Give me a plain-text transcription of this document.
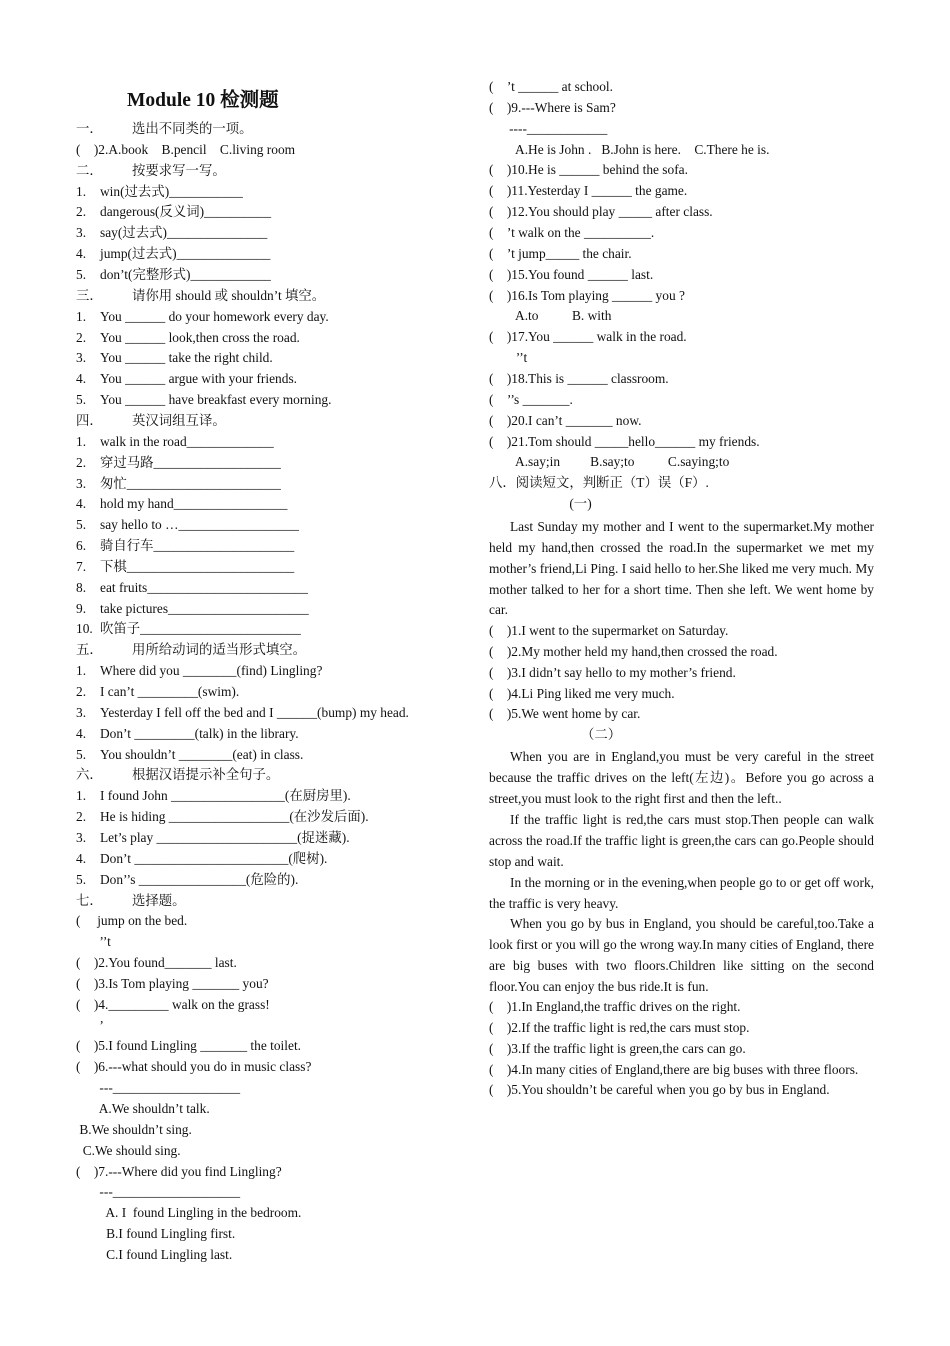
Module 10 检测题
一． 选出不同类的一项。
(    )2.A.book    B.pencil    C.living room
二． 按要求写一写。
1. win(过去式)___________
2. dangerous(反义词)__________
3. say(过去式)_______________
4. jump(过去式)______________
5. don’t(完整形式)____________
三． 请你用 should 或 shouldn’t 填空。
1. You ______ do your homework every day.
2. You ______ look,then cross the road.
3. You ______ take the right child.
4. You ______ argue with your friends.
5. You ______ have breakfast every morning.
四． 英汉词组互译。
1. walk in the road_____________
2. 穿过马路___________________
3. 匆忙_______________________
4. hold my hand_________________
5. say hello to …__________________
6. 骑自行车_____________________
7. 下棋_________________________
8. eat fruits________________________
9. take pictures_____________________
10. 吹笛子________________________
五． 用所给动词的适当形式填空。
1. Where did you ________(find) Lingling?
2. I can’t _________(swim).
3. Yesterday I fell off the bed and I ______(bump) my head.
4. Don’t _________(talk) in the library.
5. You shouldn’t ________(eat) in class.
六． 根据汉语提示补全句子。
1. I found John _________________(在厨房里).
2. He is hiding __________________(在沙发后面).
3. Let’s play _____________________(捉迷藏).
4. Don’t _______________________(爬树).
5. Don’’s ________________(危险的).
七． 选择题。
(     jump on the bed.
’’t
(    )2.You found_______ last.
(    )3.Is Tom playing _______ you?
(    )4._________ walk on the grass!
’
(    )5.I found Lingling _______ the toilet.
(    )6.---what should you do in music class?
---___________________
A.We shouldn’t talk.
B.We shouldn’t sing.
C.We should sing.
(    )7.---Where did you find Lingling?
---___________________
A. I  found Lingling in the bedroom.
B.I found Lingling first.
C.I found Lingling last.
(    ’t ______ at school.
(    )9.---Where is Sam?
----____________
A.He is John .   B.John is here.    C.There he is.
(    )10.He is ______ behind the sofa.
(    )11.Yesterday I ______ the game.
(    )12.You should play _____ after class.
(    ’t walk on the __________.
(    ’t jump_____ the chair.
(    )15.You found ______ last.
(    )16.Is Tom playing ______ you ?
A.to          B. with
(    )17.You ______ walk in the road.
’’t
(    )18.This is ______ classroom.
(    ’’s _______.
(    )20.I can’t _______ now.
(    )21.Tom should _____hello______ my friends.
A.say;in         B.say;to          C.saying;to
八．阅读短文，判断正（T）误（F）.
(一)
Last Sunday my mother and I went to the supermarket.My mother held my hand,then crossed the road.In the supermarket we met my mother’s friend,Li Ping. I said hello to her.She liked me very much. My mother talked to her for a short time. Then she left. We went home by car.
(    )1.I went to the supermarket on Saturday.
(    )2.My mother held my hand,then crossed the road.
(    )3.I didn’t say hello to my mother’s friend.
(    )4.Li Ping liked me very much.
(    )5.We went home by car.
（二）
When you are in England,you must be very careful in the street because the traffic drives on the left(左边)。Before you go across a street,you must look to the right first and then the left..
If the traffic light is red,the cars must stop.Then people can walk across the road.If the traffic light is green,the cars can go.People should stop and wait.
In the morning or in the evening,when people go to or get off work, the traffic is very heavy.
When you go by bus in England, you should be careful,too.Take a look first or you will go the wrong way.In many cities of England, there are big buses with two floors.Children like sitting on the second floor.You can enjoy the bus ride.It is fun.
(    )1.In England,the traffic drives on the right.
(    )2.If the traffic light is red,the cars must stop.
(    )3.If the traffic light is green,the cars can go.
(    )4.In many cities of England,there are big buses with three floors.
(    )5.You shouldn’t be careful when you go by bus in England.
